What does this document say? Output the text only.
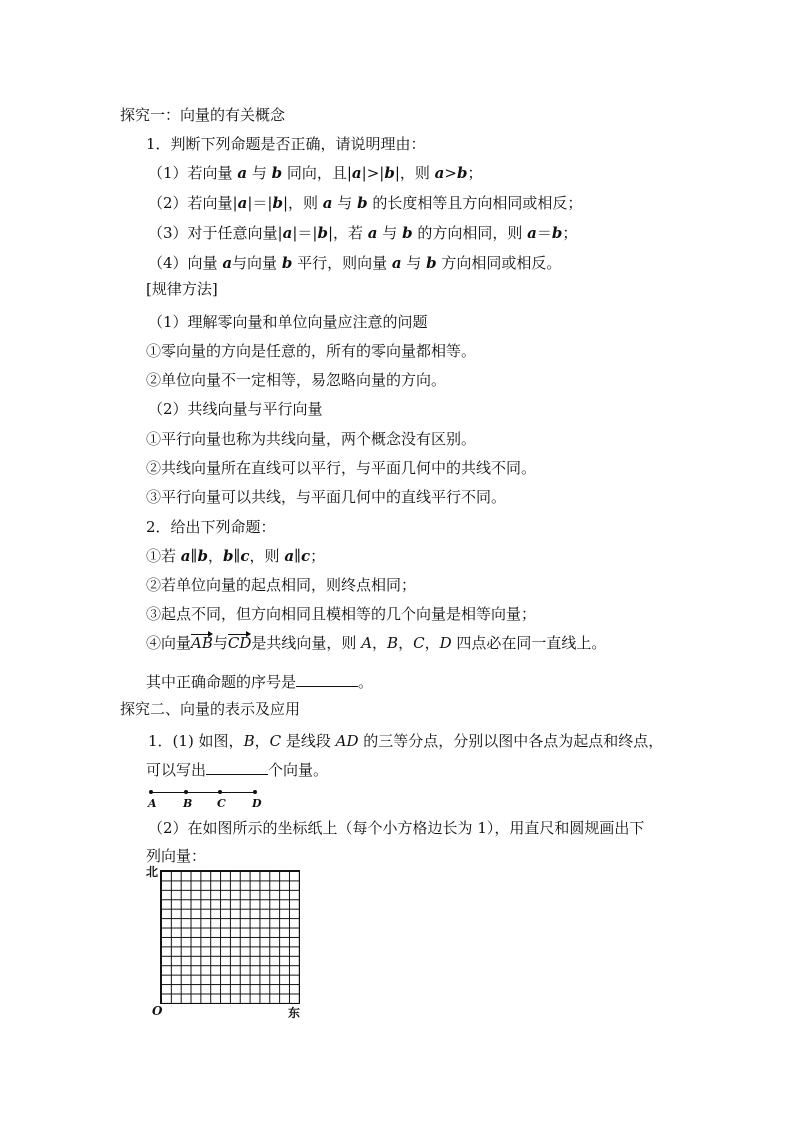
探究一：向量的有关概念
1．判断下列命题是否正确，请说明理由：
（1）若向量 a 与 b 同向，且|a|>|b|，则 a>b；
（2）若向量|a|＝|b|，则 a 与 b 的长度相等且方向相同或相反；
（3）对于任意向量|a|＝|b|，若 a 与 b 的方向相同，则 a＝b；
（4）向量 a与向量 b 平行，则向量 a 与 b 方向相同或相反。
[规律方法]
（1）理解零向量和单位向量应注意的问题
①零向量的方向是任意的，所有的零向量都相等。
②单位向量不一定相等，易忽略向量的方向。
（2）共线向量与平行向量
①平行向量也称为共线向量，两个概念没有区别。
②共线向量所在直线可以平行，与平面几何中的共线不同。
③平行向量可以共线，与平面几何中的直线平行不同。
2．给出下列命题：
①若 a∥b，b∥c，则 a∥c；
②若单位向量的起点相同，则终点相同；
③起点不同，但方向相同且模相等的几个向量是相等向量；
④向量AB与CD是共线向量，则 A，B，C，D 四点必在同一直线上。
其中正确命题的序号是	。
探究二、向量的表示及应用
1．(1) 如图，B，C 是线段 AD 的三等分点，分别以图中各点为起点和终点，
可以写出	个向量。
A B C D
（2）在如图所示的坐标纸上（每个小方格边长为 1），用直尺和圆规画出下
列向量：
北
O	东
